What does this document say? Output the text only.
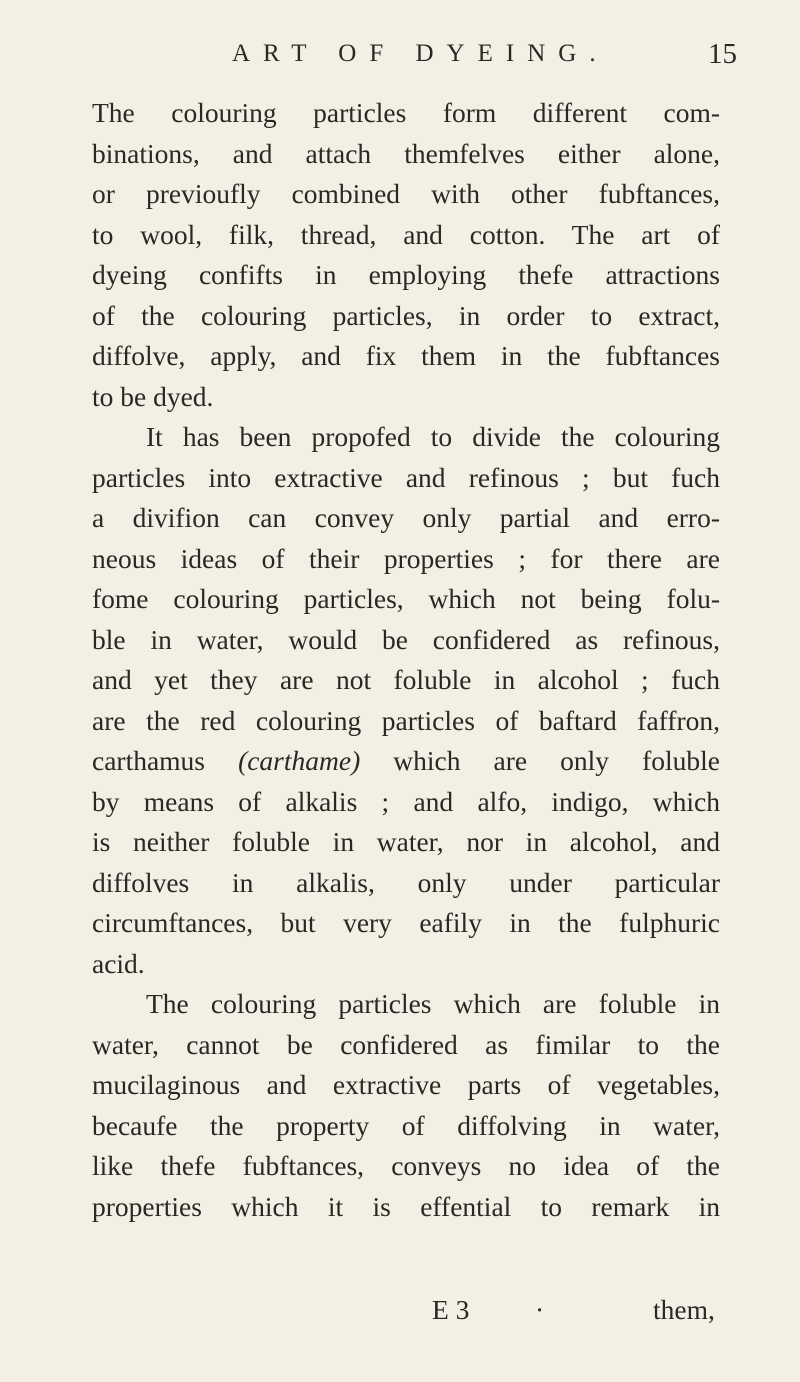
ART OF DYEING.	15
The colouring particles form different com-
binations, and attach themfelves either alone,
or previoufly combined with other fubftances,
to wool, filk, thread, and cotton. The art of
dyeing confifts in employing thefe attractions
of the colouring particles, in order to extract,
diffolve, apply, and fix them in the fubftances
to be dyed.
It has been propofed to divide the colouring
particles into extractive and refinous ; but fuch
a divifion can convey only partial and erro-
neous ideas of their properties ; for there are
fome colouring particles, which not being folu-
ble in water, would be confidered as refinous,
and yet they are not foluble in alcohol ; fuch
are the red colouring particles of baftard faffron,
carthamus (carthame) which are only foluble
by means of alkalis ; and alfo, indigo, which
is neither foluble in water, nor in alcohol, and
diffolves in alkalis, only under particular
circumftances, but very eafily in the fulphuric
acid.
The colouring particles which are foluble in
water, cannot be confidered as fimilar to the
mucilaginous and extractive parts of vegetables,
becaufe the property of diffolving in water,
like thefe fubftances, conveys no idea of the
properties which it is effential to remark in
E 3 ·	them,
